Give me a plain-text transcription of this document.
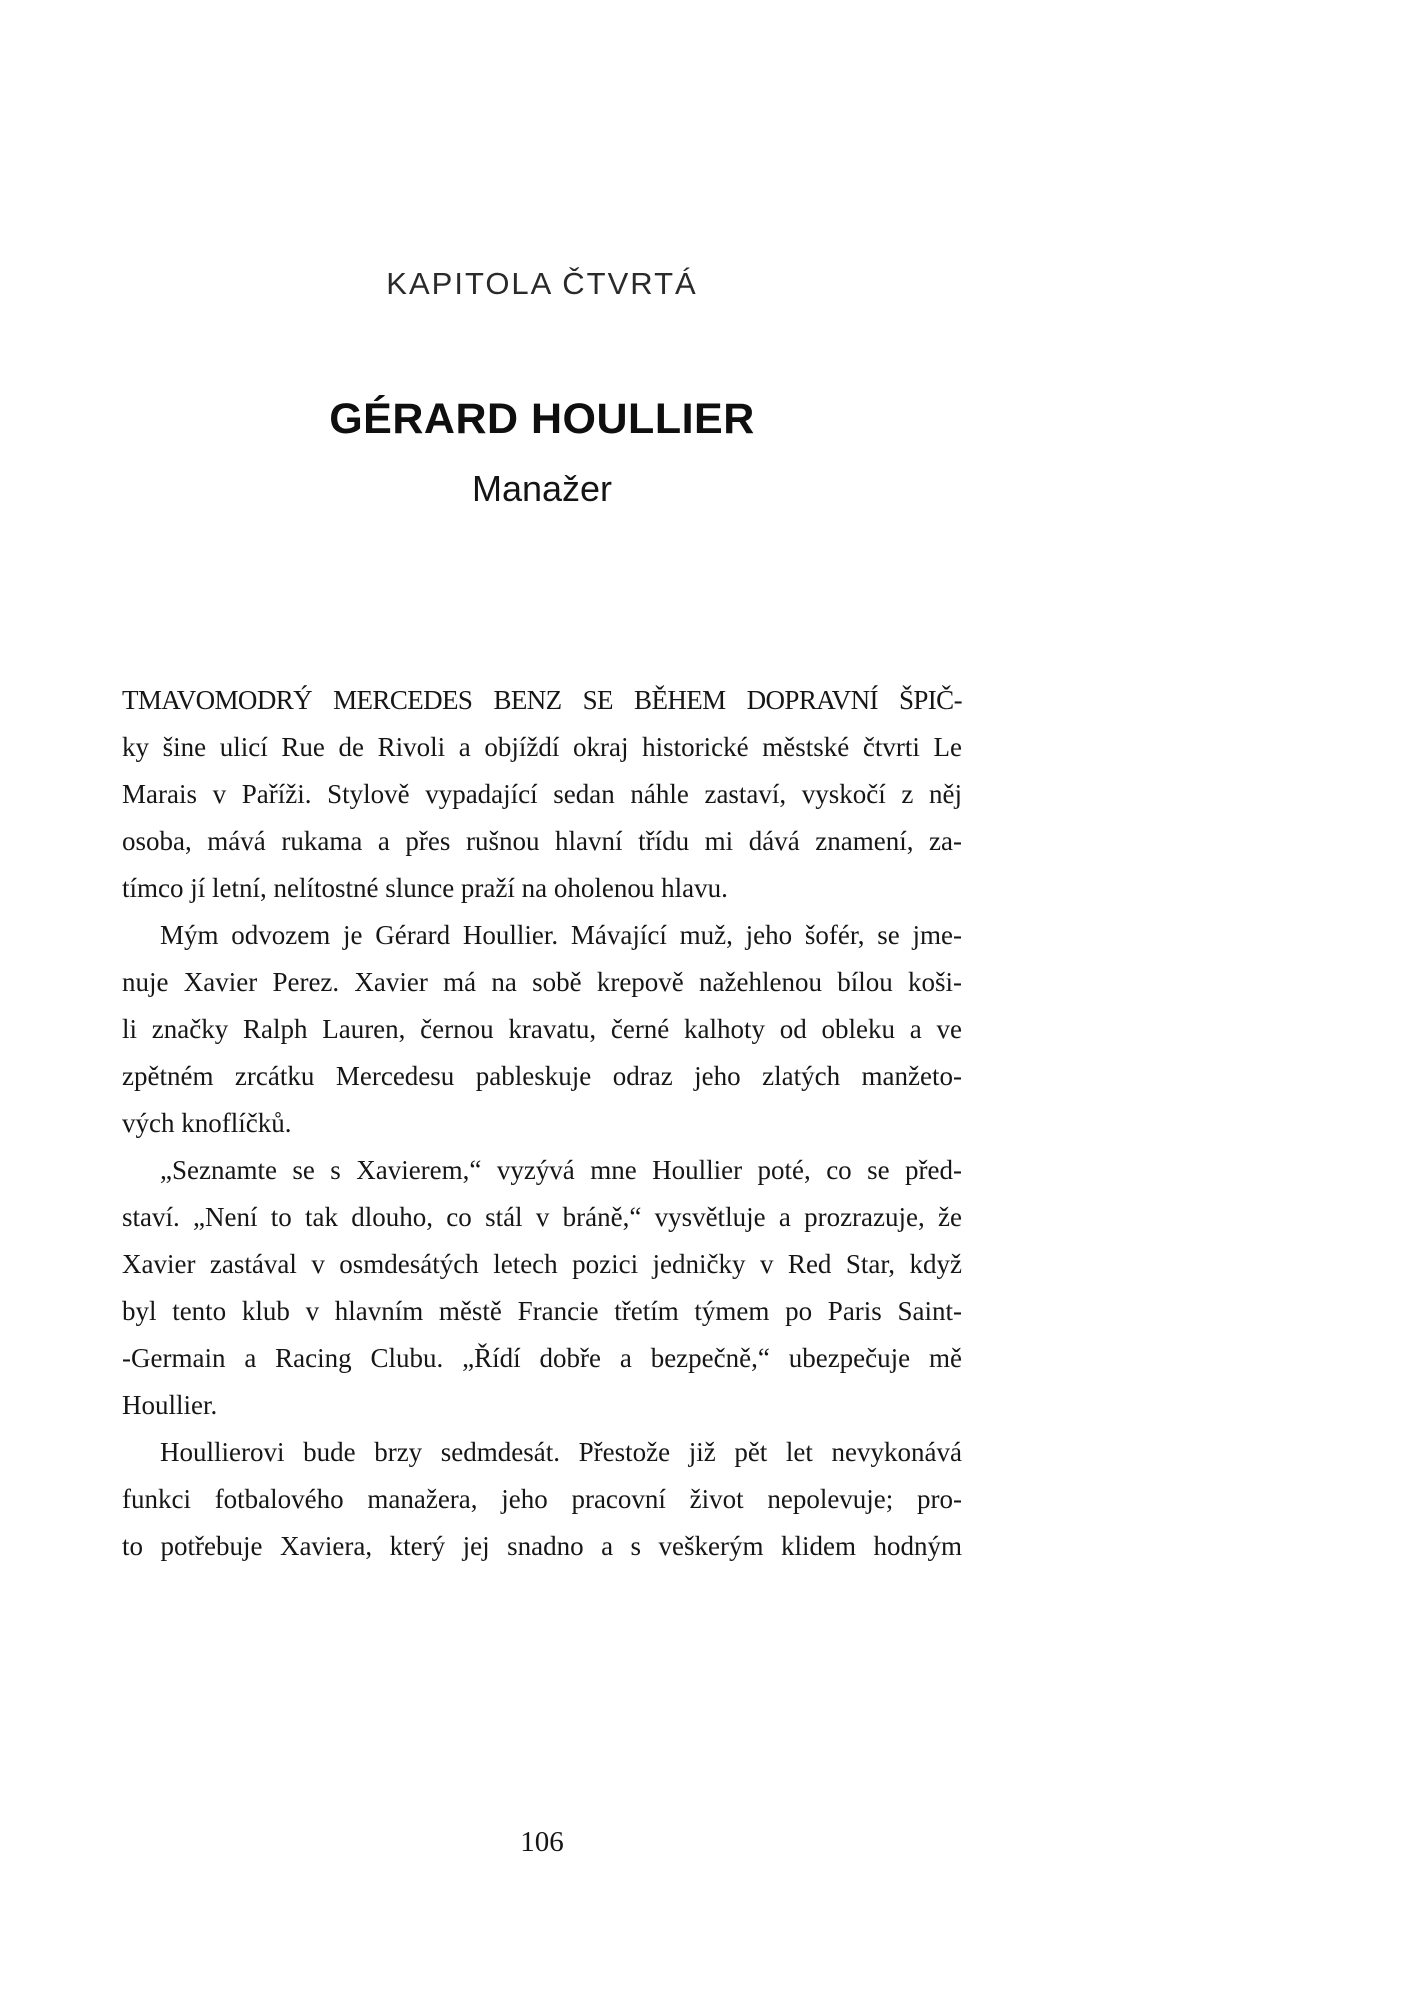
KAPITOLA ČTVRTÁ
GÉRARD HOULLIER
Manažer
TMAVOMODRÝ MERCEDES BENZ SE BĚHEM DOPRAVNÍ ŠPIČ-
ky šine ulicí Rue de Rivoli a objíždí okraj historické městské čtvrti Le
Marais v Paříži. Stylově vypadající sedan náhle zastaví, vyskočí z něj
osoba, mává rukama a přes rušnou hlavní třídu mi dává znamení, za-
tímco jí letní, nelítostné slunce praží na oholenou hlavu.
Mým odvozem je Gérard Houllier. Mávající muž, jeho šofér, se jme-
nuje Xavier Perez. Xavier má na sobě krepově nažehlenou bílou koši-
li značky Ralph Lauren, černou kravatu, černé kalhoty od obleku a ve
zpětném zrcátku Mercedesu pableskuje odraz jeho zlatých manžeto-
vých knoflíčků.
„Seznamte se s Xavierem,“ vyzývá mne Houllier poté, co se před-
staví. „Není to tak dlouho, co stál v bráně,“ vysvětluje a prozrazuje, že
Xavier zastával v osmdesátých letech pozici jedničky v Red Star, když
byl tento klub v hlavním městě Francie třetím týmem po Paris Saint-
-Germain a Racing Clubu. „Řídí dobře a bezpečně,“ ubezpečuje mě
Houllier.
Houllierovi bude brzy sedmdesát. Přestože již pět let nevykonává
funkci fotbalového manažera, jeho pracovní život nepolevuje; pro-
to potřebuje Xaviera, který jej snadno a s veškerým klidem hodným
106
